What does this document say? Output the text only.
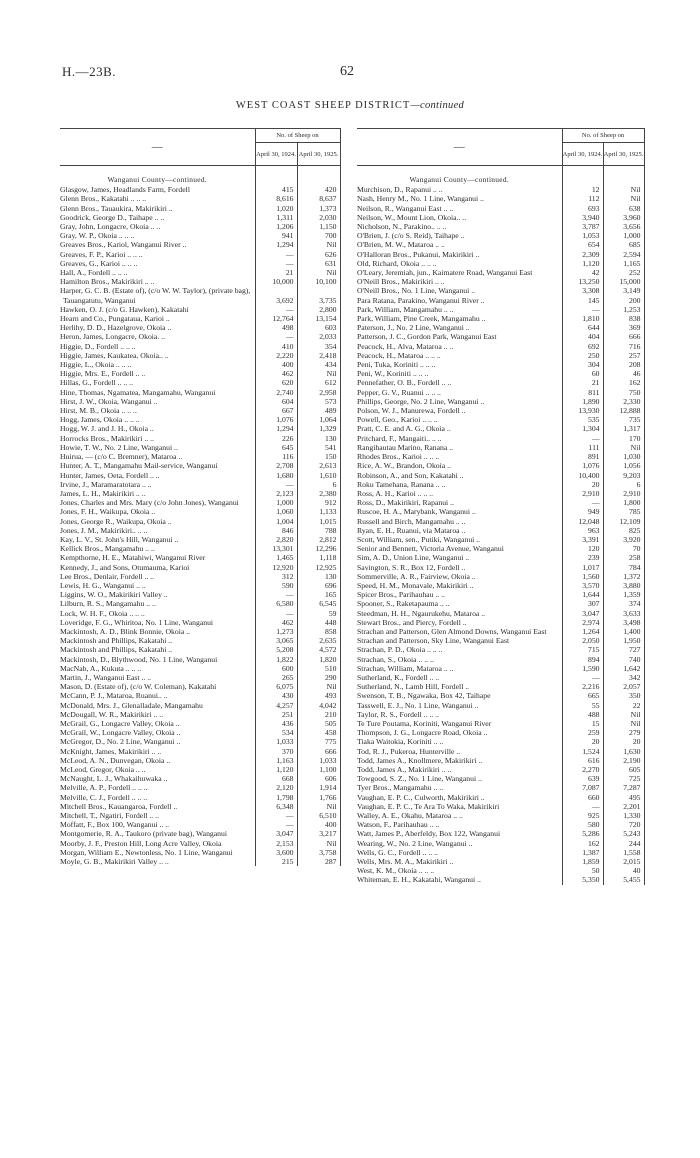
H.—23B.	62
WEST COAST SHEEP DISTRICT—continued
—	No. of Sheep on	
	April 30, 1924.	April 30, 1925.
Wanganui County—continued.		
Glasgow, James, Headlands Farm, Fordell	415	420
Glenn Bros., Kakatahi .. .. ..	8,616	8,637
Glenn Bros., Tauaukira, Makirikiri ..	1,020	1,373
Goodrick, George D., Taihape .. ..	1,311	2,030
Gray, John, Longacre, Okoia .. ..	1,206	1,150
Gray, W. P., Okoia .. .. ..	941	700
Greaves Bros., Kariol, Wanganui River ..	1,294	Nil
Greaves, F. P., Karioi .. .. ..	—	626
Greaves, G., Karioi .. .. ..	—	631
Hall, A., Fordell .. .. ..	21	Nil
Hamilton Bros., Makirikiri .. ..	10,000	10,100
Harper, G. C. B. (Estate of), (c/o W. W. Taylor), (private bag), Tauangatutu, Wanganui	3,692	3,735
Hawken, O. J. (c/o G. Hawken), Kakatahi	—	2,800
Hearn and Co., Pungataua, Karioi ..	12,764	13,154
Herlihy, D. D., Hazelgrove, Okoia ..	498	603
Heron, James, Longacre, Okoia. ..	—	2,033
Higgie, D., Fordell .. .. ..	410	354
Higgie, James, Kaukatea, Okoia.. ..	2,220	2,418
Higgie, L., Okoia .. .. ..	400	434
Higgie, Mrs. E., Fordell .. ..	462	Nil
Hillas, G., Fordell .. .. ..	620	612
Hine, Thomas, Ngamatea, Mangamahu, Wanganui	2,740	2,958
Hirst, J. W., Okoia, Wanganui ..	604	573
Hirst, M. B., Okoia .. .. ..	667	489
Hogg, James, Okoia .. .. ..	1,076	1,064
Hogg, W. J. and J. H., Okoia ..	1,294	1,329
Horrocks Bros., Makirikiri .. ..	226	130
Howie, T. W., No. 2 Line, Wanganui ..	645	541
Huirua, — (c/o C. Bremner), Mataroa ..	116	150
Hunter, A. T., Mangamahu Mail-service, Wanganui	2,708	2,613
Hunter, James, Oeta, Fordell .. ..	1,680	1,610
Irvine, J., Maramaratotara .. ..	—	6
James, L. H., Makirikiri .. ..	2,123	2,380
Jones, Charles and Mrs. Mary (c/o John Jones), Wanganui	1,000	912
Jones, F. H., Waikupa, Okoia ..	1,060	1,133
Jones, George R., Waikupa, Okoia ..	1,004	1,015
Jones, J. M., Makirikiri.. .. ..	846	788
Kay, L. V., St. John's Hill, Wanganui ..	2,820	2,812
Kellick Bros., Mangamahu .. ..	13,301	12,296
Kempthorne, H. E., Matahiwi, Wanganui River	1,465	1,118
Kennedy, J., and Sons, Otumauma, Karioi	12,920	12,925
Lee Bros., Denlair, Fordell .. ..	312	130
Lewis, H. G., Wanganui .. ..	590	696
Liggins, W. O., Makirikiri Valley ..	—	165
Lilburn, R. S., Mangamahu .. ..	6,580	6,545
Lock, W. H. F., Okoia .. .. ..	—	59
Loveridge, F. G., Whiritoa, No. 1 Line, Wanganui	462	448
Mackintosh, A. D., Blink Bonnie, Okoia ..	1,273	858
Mackintosh and Phillips, Kakatahi ..	3,065	2,635
Mackintosh and Phillips, Kakatahi ..	5,208	4,572
Mackintosh, D., Blythwood, No. 1 Line, Wanganui	1,822	1,820
MacNab, A., Kukuta .. .. ..	600	510
Martin, J., Wanganui East .. ..	265	290
Mason, D. (Estate of), (c/o W. Coleman), Kakatahi	6,075	Nil
McCann, P. J., Mataroa, Ruanui.. ..	430	493
McDonald, Mrs. J., Glenalladale, Mangamahu	4,257	4,042
McDougall, W. R., Makirikiri .. ..	251	210
McGrail, G., Longacre Valley, Okoia ..	436	505
McGrail, W., Longacre Valley, Okoia ..	534	458
McGregor, D., No. 2 Line, Wanganui ..	1,033	775
McKnight, James, Makirikiri .. ..	370	666
McLeod, A. N., Dunvegan, Okoia ..	1,163	1,033
McLeod, Gregor, Okoia .. ..	1,120	1,100
McNaught, L. J., Whakaihuwaka ..	668	606
Melville, A. P., Fordell .. .. ..	2,120	1,914
Melville, C. J., Fordell .. .. ..	1,798	1,766
Mitchell Bros., Kauangaroa, Fordell ..	6,348	Nil
Mitchell, T., Ngatiri, Fordell .. ..	—	6,510
Moffatt, F., Box 100, Wanganui .. ..	—	400
Montgomerie, R. A., Taukoro (private bag), Wanganui	3,047	3,217
Moorby, J. F., Preston Hill, Long Acre Valley, Okoia	2,153	Nil
Morgan, William E., Newtonless, No. 1 Line, Wanganui	3,600	3,758
Moyle, G. B., Makirikiri Valley .. ..	215	287
—	No. of Sheep on	
	April 30, 1924.	April 30, 1925.
Wanganui County—continued.		
Murchison, D., Rapanui .. ..	12	Nil
Nash, Henry M., No. 1 Line, Wanganui ..	112	Nil
Neilson, R., Wanganui East .. ..	693	638
Neilson, W., Mount Lion, Okoia.. ..	3,940	3,960
Nicholson, N., Parakino.. .. ..	3,787	3,656
O'Brien, J. (c/o S. Reid), Taihape ..	1,053	1,000
O'Brien, M. W., Mataroa .. ..	654	685
O'Halloran Bros., Pukanui, Makirikiri ..	2,309	2,594
Old, Richard, Okoia .. .. ..	1,120	1,165
O'Leary, Jeremiah, jun., Kaimatere Road, Wanganui East	42	252
O'Neill Bros., Makirikiri .. ..	13,250	15,000
O'Neill Bros., No. 1 Line, Wanganui ..	3,308	3,149
Para Ratana, Parakino, Wanganui River ..	145	200
Park, William, Mangamahu .. ..	—	1,253
Park, William, Pine Creek, Mangamahu ..	1,810	838
Paterson, J., No. 2 Line, Wanganui ..	644	369
Patterson, J. C., Gordon Park, Wanganui East	404	666
Peacock, H., Alva, Mataroa .. ..	692	716
Peacock, H., Mataroa .. .. ..	250	257
Peni, Tuka, Koriniti .. .. ..	304	208
Peni, W., Koriniti .. .. ..	60	46
Pennefather, O. B., Fordell .. ..	21	162
Pepper, G. V., Ruanui .. .. ..	811	750
Phillips, George, No. 2 Line, Wanganui ..	1,890	2,330
Polson, W. J., Manurewa, Fordell ..	13,930	12,888
Powell, Geo., Karioi .. .. ..	535	735
Pratt, C. E. and A. G., Okoia ..	1,304	1,317
Pritchard, F., Mangaiti.. .. ..	—	170
Rangihautau Marino, Ranana ..	111	Nil
Rhodes Bros., Karioi .. .. ..	891	1,030
Rice, A. W., Brandon, Okoia ..	1,076	1,056
Robinson, A., and Son, Kakatahi ..	10,400	9,203
Roku Tamehana, Ranana .. ..	20	6
Ross, A. H., Karioi .. .. ..	2,910	2,910
Ross, D., Makirikiri, Rapanui ..	—	1,800
Ruscoe, H. A., Marybank, Wanganui ..	949	785
Russell and Birch, Mangamahu .. ..	12,048	12,109
Ryan, E. H., Ruanui, via Mataroa ..	963	825
Scott, William, sen., Putiki, Wanganui ..	3,391	3,920
Senior and Bennett, Victoria Avenue, Wanganui	120	70
Sim, A. D., Union Line, Wanganui ..	239	258
Savington, S. R., Box 12, Fordell ..	1,017	784
Sommerville, A. R., Fairview, Okoia ..	1,560	1,372
Speed, H. M., Monavale, Makirikiri ..	3,570	3,880
Spicer Bros., Parihauhau .. ..	1,644	1,359
Spooner, S., Raketapauma .. ..	307	374
Steedman, H. H., Ngaurukehu, Mataroa ..	3,047	3,633
Stewart Bros., and Piercy, Fordell ..	2,974	3,498
Strachan and Patterson, Glen Almond Downs, Wanganui East	1,264	1,400
Strachan and Patterson, Sky Line, Wanganui East	2,050	1,950
Strachan, P. D., Okoia .. .. ..	715	727
Strachan, S., Okoia .. .. ..	894	740
Strachan, William, Mataroa .. ..	1,590	1,642
Sutherland, K., Fordell .. ..	—	342
Sutherland, N., Lamb Hill, Fordell ..	2,216	2,057
Swenson, T. B., Ngawaka, Box 42, Taihape	665	350
Tasswell, E. J., No. 1 Line, Wanganui ..	55	22
Taylor, R. S., Fordell .. .. ..	488	Nil
Te Ture Poutama, Koriniti, Wanganui River	15	Nil
Thompson, J. G., Longacre Road, Okoia ..	259	279
Tiaka Waitokia, Koriniti .. ..	20	20
Tod, R. J., Pukeroa, Hunterville ..	1,524	1,630
Todd, James A., Knollmere, Makirikiri ..	616	2,190
Todd, James A., Makirikiri .. ..	2,270	605
Towgood, S. Z., No. 1 Line, Wanganui ..	639	725
Tyer Bros., Mangamahu .. ..	7,087	7,287
Vaughan, E. P. C., Culworth, Makirikiri ..	660	495
Vaughan, E. P. C., Te Ara To Waka, Makirikiri	—	2,201
Walley, A. E., Okahu, Mataroa .. ..	925	1,330
Watson, F., Parihauhau .. ..	580	720
Watt, James P., Aberfeldy, Box 122, Wanganui	5,286	5,243
Wearing, W., No. 2 Line, Wanganui ..	162	244
Wells, G. C., Fordell .. .. ..	1,387	1,558
Wells, Mrs. M. A., Makirikiri ..	1,859	2,015
West, K. M., Okoia .. .. ..	50	40
Whiteman, E. H., Kakatahi, Wanganui ..	5,350	5,455
